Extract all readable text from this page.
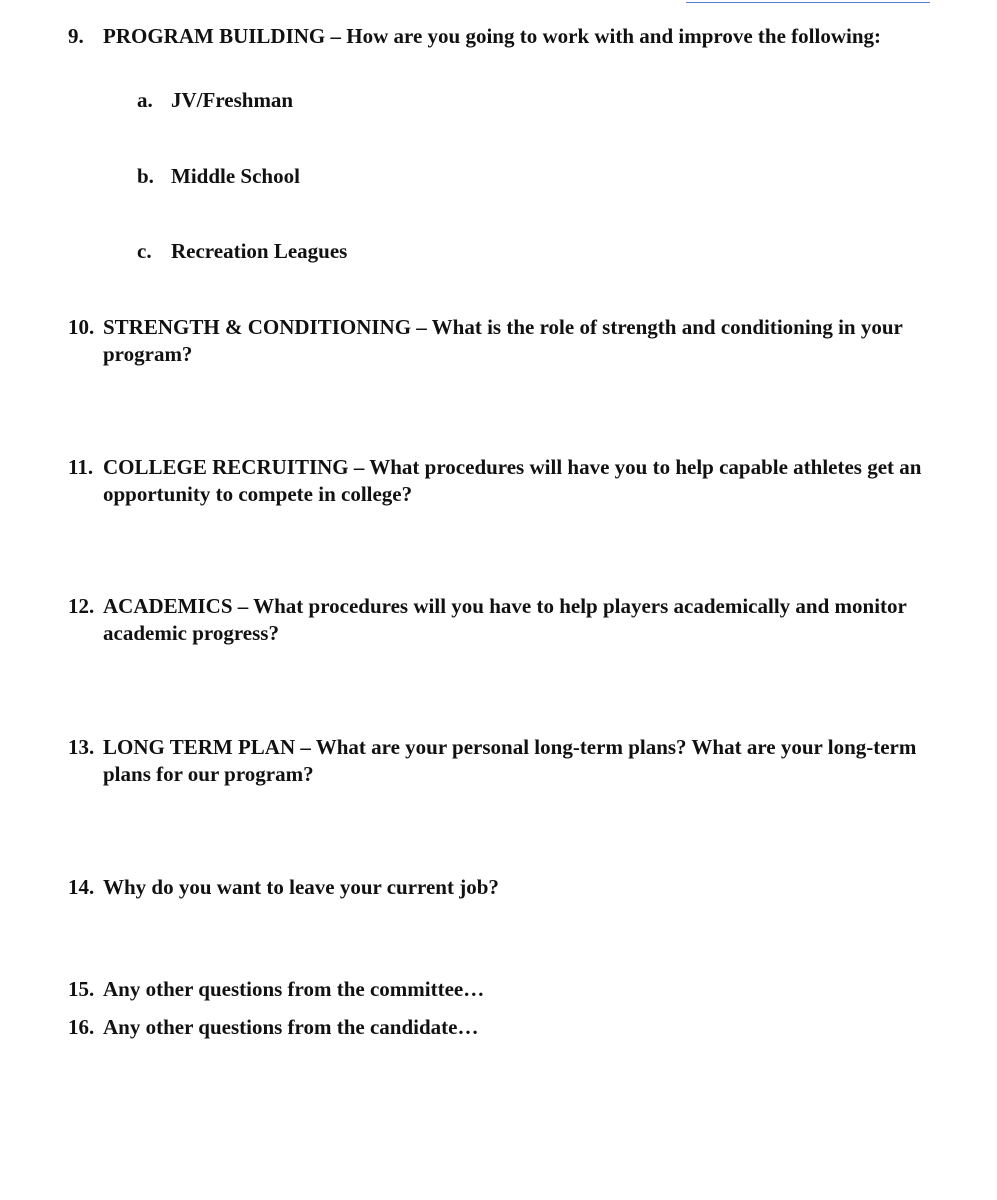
9. PROGRAM BUILDING – How are you going to work with and improve the following:
a. JV/Freshman
b. Middle School
c. Recreation Leagues
10. STRENGTH & CONDITIONING – What is the role of strength and conditioning in your program?
11. COLLEGE RECRUITING – What procedures will have you to help capable athletes get an opportunity to compete in college?
12. ACADEMICS – What procedures will you have to help players academically and monitor academic progress?
13. LONG TERM PLAN – What are your personal long-term plans? What are your long-term plans for our program?
14. Why do you want to leave your current job?
15. Any other questions from the committee…
16. Any other questions from the candidate…
